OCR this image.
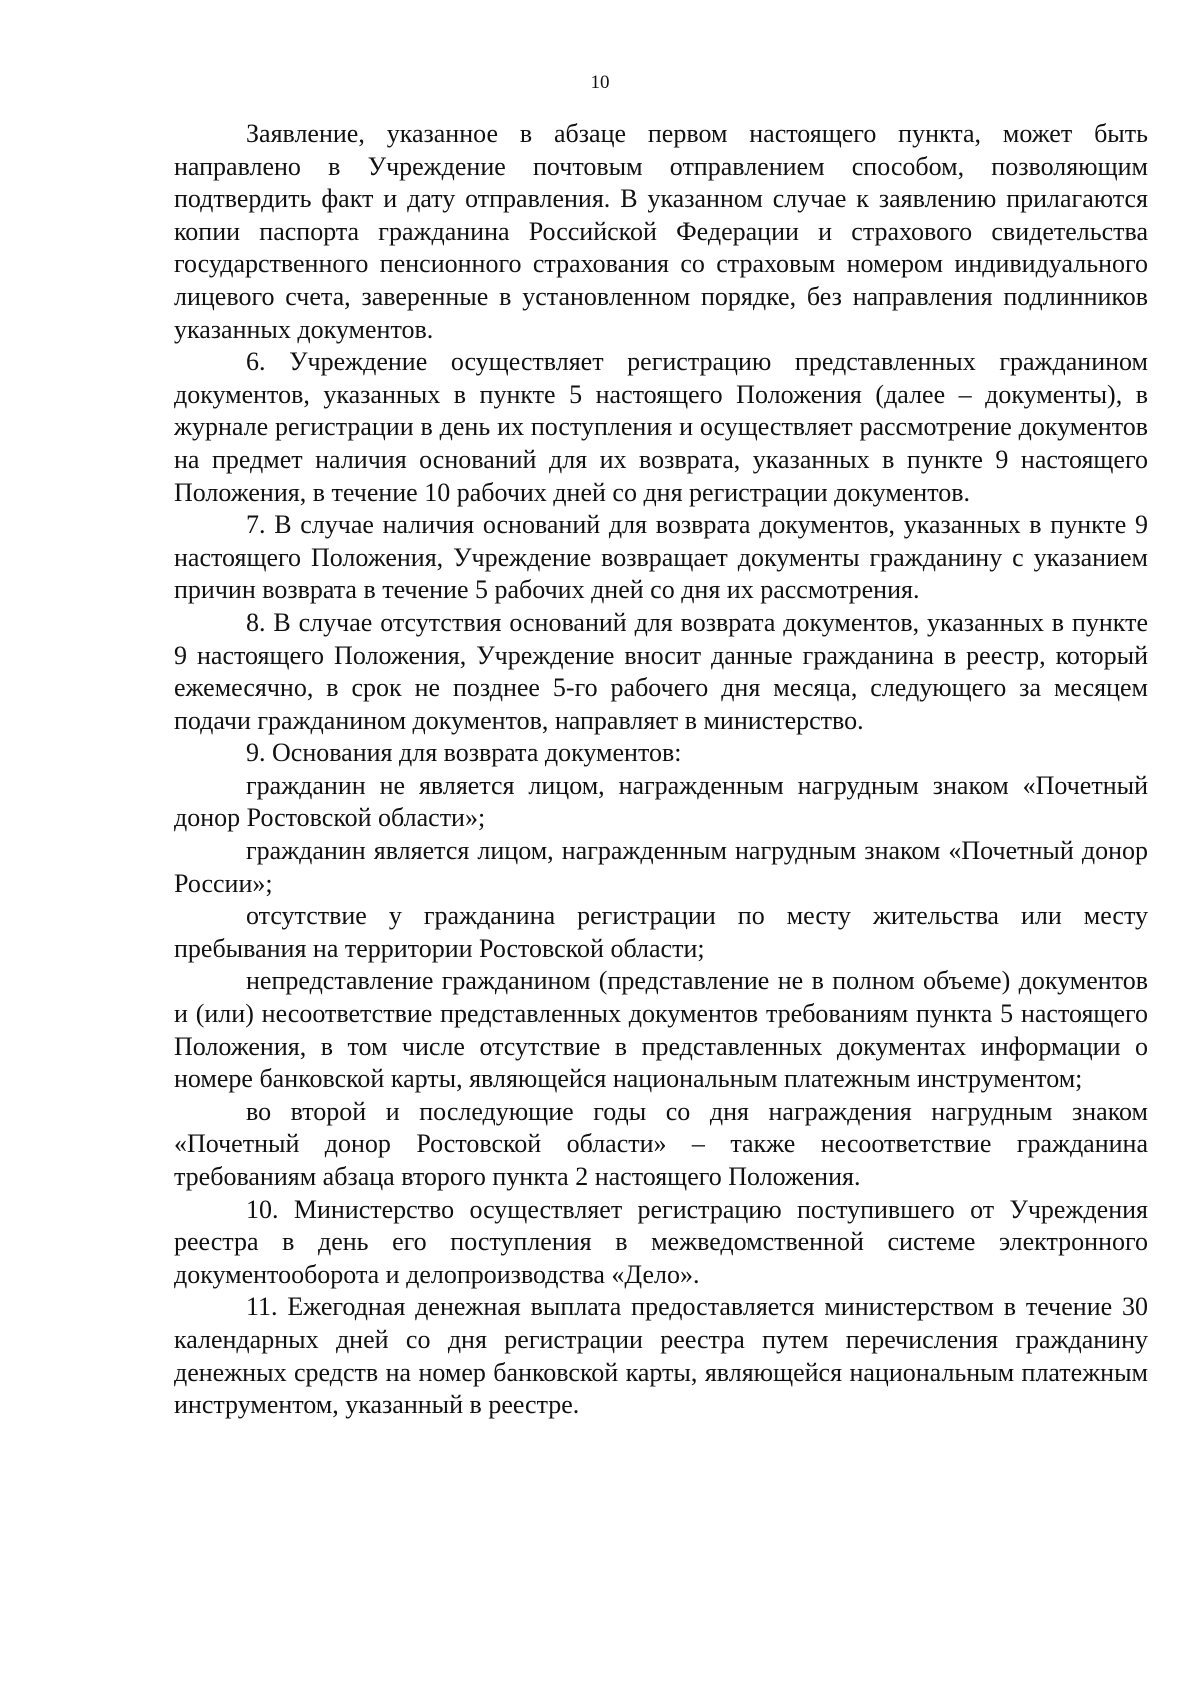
10

Заявление, указанное в абзаце первом настоящего пункта, может быть направлено в Учреждение почтовым отправлением способом, позволяющим подтвердить факт и дату отправления. В указанном случае к заявлению прилагаются копии паспорта гражданина Российской Федерации и страхового свидетельства государственного пенсионного страхования со страховым номером индивидуального лицевого счета, заверенные в установленном порядке, без направления подлинников указанных документов.

6. Учреждение осуществляет регистрацию представленных гражданином документов, указанных в пункте 5 настоящего Положения (далее – документы), в журнале регистрации в день их поступления и осуществляет рассмотрение документов на предмет наличия оснований для их возврата, указанных в пункте 9 настоящего Положения, в течение 10 рабочих дней со дня регистрации документов.

7. В случае наличия оснований для возврата документов, указанных в пункте 9 настоящего Положения, Учреждение возвращает документы гражданину с указанием причин возврата в течение 5 рабочих дней со дня их рассмотрения.

8. В случае отсутствия оснований для возврата документов, указанных в пункте 9 настоящего Положения, Учреждение вносит данные гражданина в реестр, который ежемесячно, в срок не позднее 5-го рабочего дня месяца, следующего за месяцем подачи гражданином документов, направляет в министерство.

9. Основания для возврата документов:

гражданин не является лицом, награжденным нагрудным знаком «Почетный донор Ростовской области»;

гражданин является лицом, награжденным нагрудным знаком «Почетный донор России»;

отсутствие у гражданина регистрации по месту жительства или месту пребывания на территории Ростовской области;

непредставление гражданином (представление не в полном объеме) документов и (или) несоответствие представленных документов требованиям пункта 5 настоящего Положения, в том числе отсутствие в представленных документах информации о номере банковской карты, являющейся национальным платежным инструментом;

во второй и последующие годы со дня награждения нагрудным знаком «Почетный донор Ростовской области» – также несоответствие гражданина требованиям абзаца второго пункта 2 настоящего Положения.

10. Министерство осуществляет регистрацию поступившего от Учреждения реестра в день его поступления в межведомственной системе электронного документооборота и делопроизводства «Дело».

11. Ежегодная денежная выплата предоставляется министерством в течение 30 календарных дней со дня регистрации реестра путем перечисления гражданину денежных средств на номер банковской карты, являющейся национальным платежным инструментом, указанный в реестре.
